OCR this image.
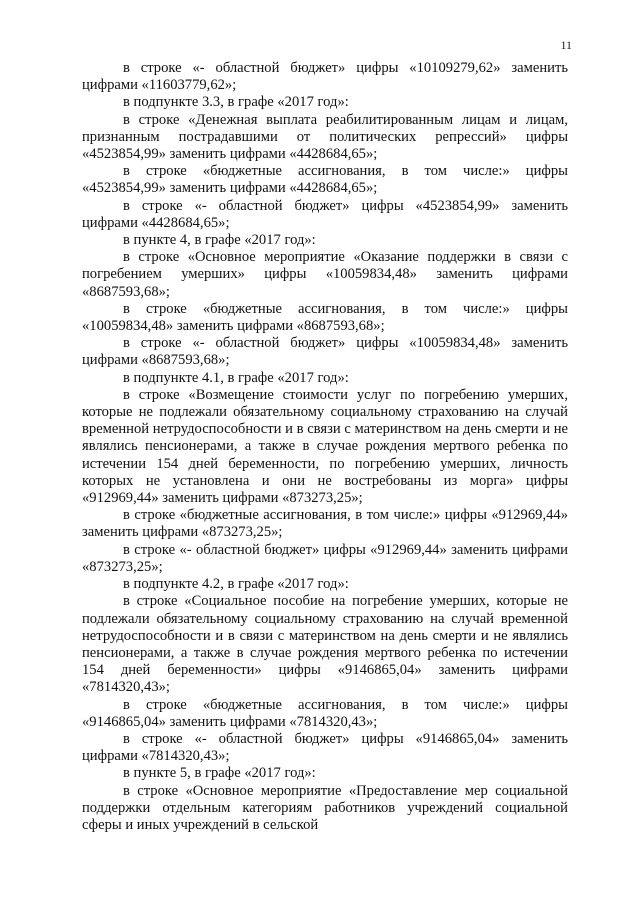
11

в строке «- областной бюджет» цифры «10109279,62» заменить цифрами «11603779,62»;

в подпункте 3.3, в графе «2017 год»:

в строке «Денежная выплата реабилитированным лицам и лицам, признанным пострадавшими от политических репрессий» цифры «4523854,99» заменить цифрами «4428684,65»;

в строке «бюджетные ассигнования, в том числе:» цифры «4523854,99» заменить цифрами «4428684,65»;

в строке «- областной бюджет» цифры «4523854,99» заменить цифрами «4428684,65»;

в пункте 4, в графе «2017 год»:

в строке «Основное мероприятие «Оказание поддержки в связи с погребением умерших» цифры «10059834,48» заменить цифрами «8687593,68»;

в строке «бюджетные ассигнования, в том числе:» цифры «10059834,48» заменить цифрами «8687593,68»;

в строке «- областной бюджет» цифры «10059834,48» заменить цифрами «8687593,68»;

в подпункте 4.1, в графе «2017 год»:

в строке «Возмещение стоимости услуг по погребению умерших, которые не подлежали обязательному социальному страхованию на случай временной нетрудоспособности и в связи с материнством на день смерти и не являлись пенсионерами, а также в случае рождения мертвого ребенка по истечении 154 дней беременности, по погребению умерших, личность которых не установлена и они не востребованы из морга» цифры «912969,44» заменить цифрами «873273,25»;

в строке «бюджетные ассигнования, в том числе:» цифры «912969,44» заменить цифрами «873273,25»;

в строке «- областной бюджет» цифры «912969,44» заменить цифрами «873273,25»;

в подпункте 4.2, в графе «2017 год»:

в строке «Социальное пособие на погребение умерших, которые не подлежали обязательному социальному страхованию на случай временной нетрудоспособности и в связи с материнством на день смерти и не являлись пенсионерами, а также в случае рождения мертвого ребенка по истечении 154 дней беременности» цифры «9146865,04» заменить цифрами «7814320,43»;

в строке «бюджетные ассигнования, в том числе:» цифры «9146865,04» заменить цифрами «7814320,43»;

в строке «- областной бюджет» цифры «9146865,04» заменить цифрами «7814320,43»;

в пункте 5, в графе «2017 год»:

в строке «Основное мероприятие «Предоставление мер социальной поддержки отдельным категориям работников учреждений социальной сферы и иных учреждений в сельской
